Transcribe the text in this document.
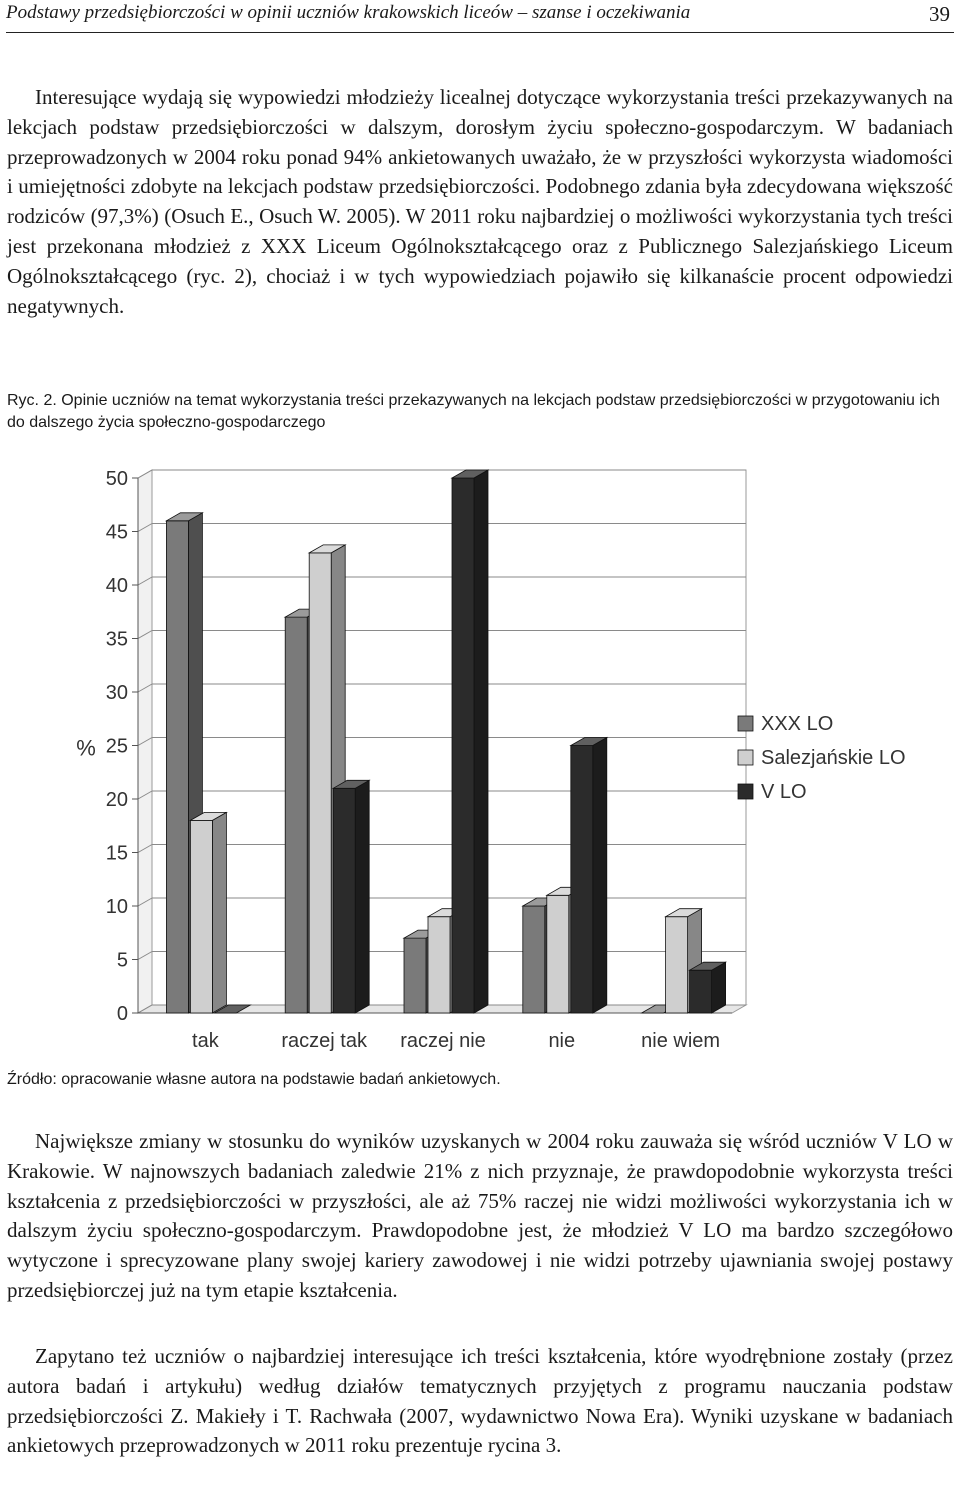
Podstawy przedsiębiorczości w opinii uczniów krakowskich liceów – szanse i oczekiwania	39

Interesujące wydają się wypowiedzi młodzieży licealnej dotyczące wykorzystania treści przekazywanych na lekcjach podstaw przedsiębiorczości w dalszym, dorosłym życiu społeczno-gospodarczym. W badaniach przeprowadzonych w 2004 roku ponad 94% ankietowanych uważało, że w przyszłości wykorzysta wiadomości i umiejętności zdobyte na lekcjach podstaw przedsiębiorczości. Podobnego zdania była zdecydowana większość rodziców (97,3%) (Osuch E., Osuch W. 2005). W 2011 roku najbardziej o możliwości wykorzystania tych treści jest przekonana młodzież z XXX Liceum Ogólnokształcącego oraz z Publicznego Salezjańskiego Liceum Ogólnokształcącego (ryc. 2), chociaż i w tych wypowiedziach pojawiło się kilkanaście procent odpowiedzi negatywnych.

Ryc. 2. Opinie uczniów na temat wykorzystania treści przekazywanych na lekcjach podstaw przedsiębiorczości w przygotowaniu ich do dalszego życia społeczno-gospodarczego

0
5
10
15
20
25
30
35
40
45
50
%
tak	raczej tak raczej nie	nie	nie wiem
XXX LO
Salezjańskie LO
V LO

Źródło: opracowanie własne autora na podstawie badań ankietowych.

Największe zmiany w stosunku do wyników uzyskanych w 2004 roku zauważa się wśród uczniów V LO w Krakowie. W najnowszych badaniach zaledwie 21% z nich przyznaje, że prawdopodobnie wykorzysta treści kształcenia z przedsiębiorczości w przyszłości, ale aż 75% raczej nie widzi możliwości wykorzystania ich w dalszym życiu społeczno-gospodarczym. Prawdopodobne jest, że młodzież V LO ma bardzo szczegółowo wytyczone i sprecyzowane plany swojej kariery zawodowej i nie widzi potrzeby ujawniania swojej postawy przedsiębiorczej już na tym etapie kształcenia.

Zapytano też uczniów o najbardziej interesujące ich treści kształcenia, które wyodrębnione zostały (przez autora badań i artykułu) według działów tematycznych przyjętych z programu nauczania podstaw przedsiębiorczości Z. Makieły i T. Rachwała (2007, wydawnictwo Nowa Era). Wyniki uzyskane w badaniach ankietowych przeprowadzonych w 2011 roku prezentuje rycina 3.
